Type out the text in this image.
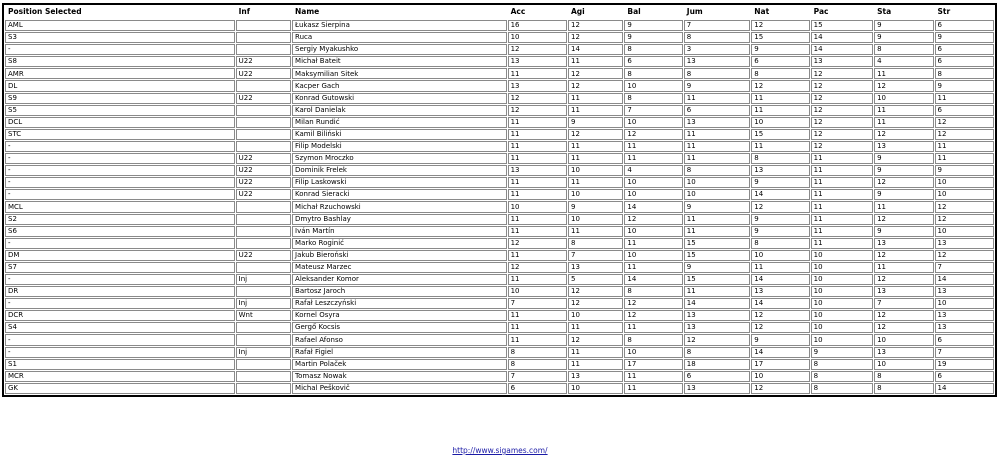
Position Selected	Inf	Name	Acc	Agi	Bal	Jum	Nat	Pac	Sta	Str
AML		Łukasz Sierpina	16	12	9	7	12	15	9	6
S3		Ruca	10	12	9	8	15	14	9	9
-		Sergiy Myakushko	12	14	8	3	9	14	8	6
S8	U22	Michał Bateit	13	11	6	13	6	13	4	6
AMR	U22	Maksymilian Sitek	11	12	8	8	8	12	11	8
DL		Kacper Gach	13	12	10	9	12	12	12	9
S9	U22	Konrad Gutowski	12	11	8	11	11	12	10	11
S5		Karol Danielak	12	11	7	6	11	12	11	6
DCL		Milan Rundić	11	9	10	13	10	12	11	12
STC		Kamil Biliński	11	12	12	11	15	12	12	12
-		Filip Modelski	11	11	11	11	11	12	13	11
-	U22	Szymon Mroczko	11	11	11	11	8	11	9	11
-	U22	Dominik Frelek	13	10	4	8	13	11	9	9
-	U22	Filip Laskowski	11	11	10	10	9	11	12	10
-	U22	Konrad Sieracki	11	10	10	10	14	11	9	10
MCL		Michał Rzuchowski	10	9	14	9	12	11	11	12
S2		Dmytro Bashlay	11	10	12	11	9	11	12	12
S6		Iván Martín	11	11	10	11	9	11	9	10
-		Marko Roginić	12	8	11	15	8	11	13	13
DM	U22	Jakub Bieroński	11	7	10	15	10	10	12	12
S7		Mateusz Marzec	12	13	11	9	11	10	11	7
-	Inj	Aleksander Komor	11	5	14	15	14	10	12	14
DR		Bartosz Jaroch	10	12	8	11	13	10	13	13
-	Inj	Rafał Leszczyński	7	12	12	14	14	10	7	10
DCR	Wnt	Kornel Osyra	11	10	12	13	12	10	12	13
S4		Gergő Kocsis	11	11	11	13	12	10	12	13
-		Rafael Afonso	11	12	8	12	9	10	10	6
-	Inj	Rafał Figiel	8	11	10	8	14	9	13	7
S1		Martin Polaček	8	11	17	18	17	8	10	19
MCR		Tomasz Nowak	7	13	11	6	10	8	8	6
GK		Michal Peškovič	6	10	11	13	12	8	8	14
http://www.sigames.com/
